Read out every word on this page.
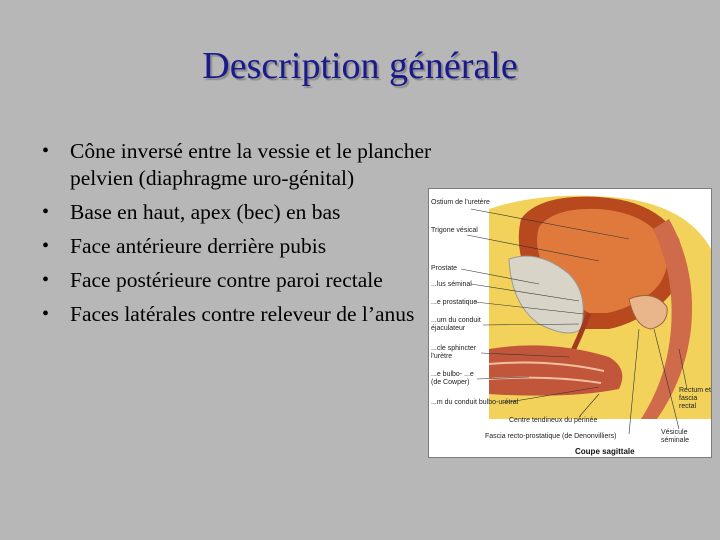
Description générale
• Cône inversé entre la vessie et le plancher pelvien (diaphragme uro-génital)
• Base en haut, apex (bec) en bas
• Face antérieure derrière pubis
• Face postérieure contre paroi rectale
• Faces latérales contre releveur de l’anus
Ostium de l'uretère
Trigone vésical
Prostate
...lus séminal
...e prostatique
...um du conduit éjaculateur
...cle sphincter l'urètre
...e bulbo- ...e (de Cowper)
...m du conduit bulbo-urétral
Centre tendineux du périnée
Fascia recto-prostatique (de Denonvilliers)
Rectum et fascia rectal
Vésicule séminale
Coupe sagittale
